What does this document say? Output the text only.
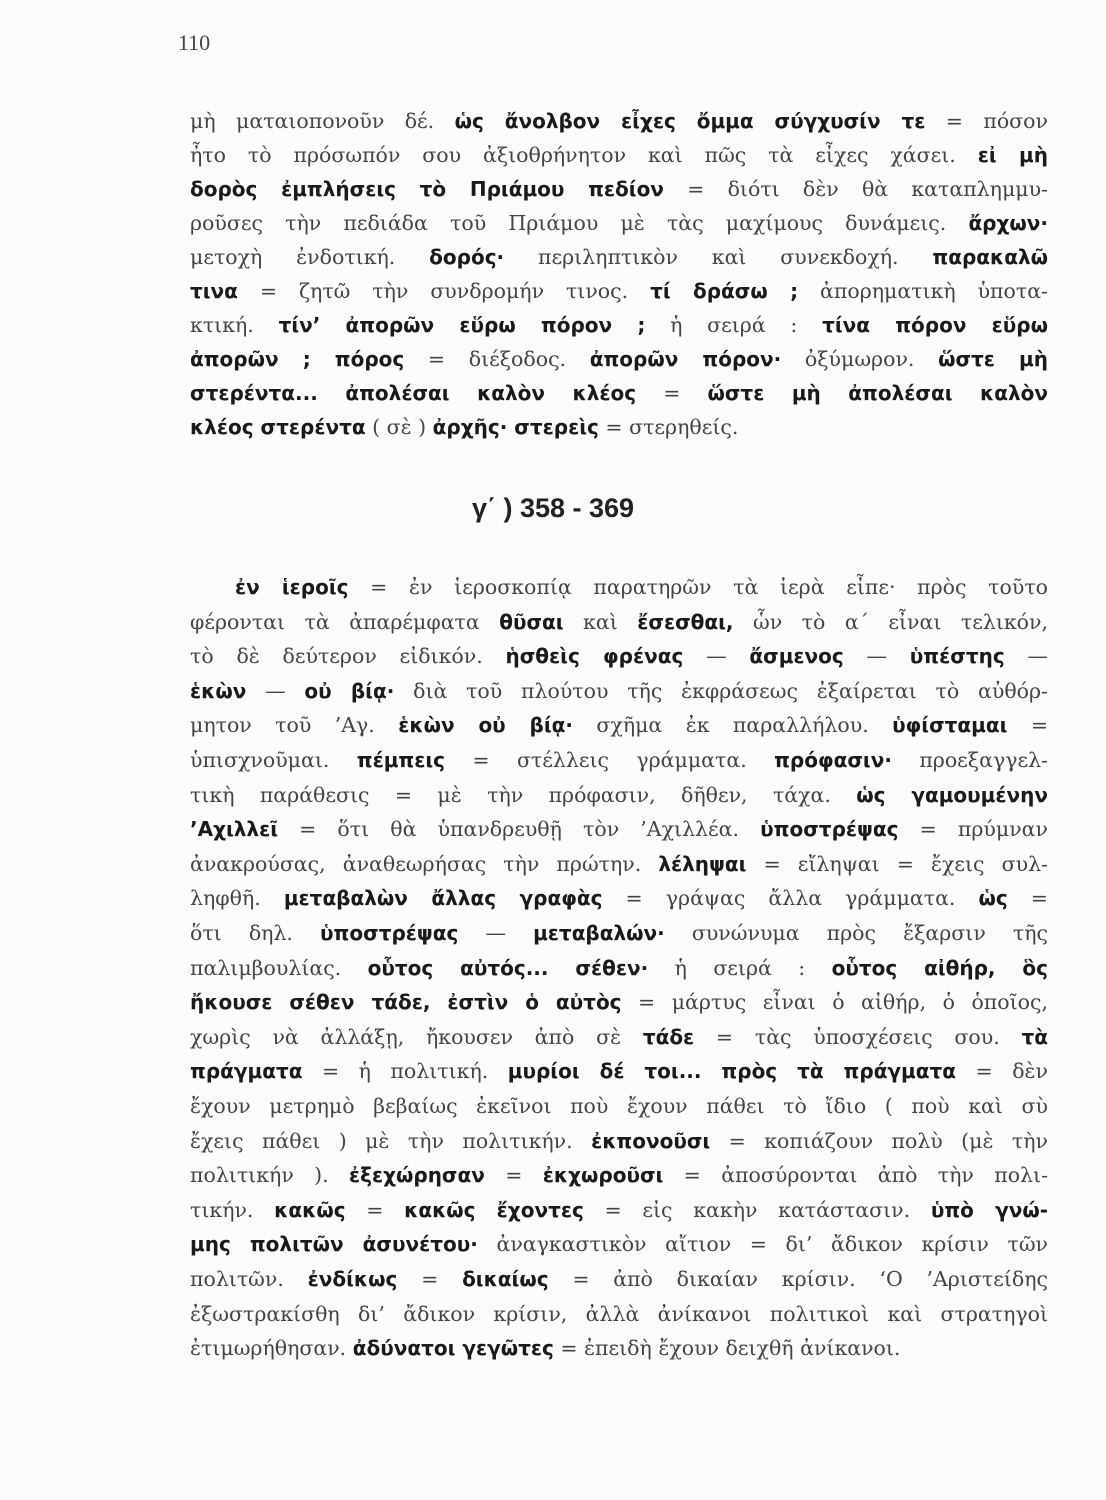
110
μὴ ματαιοπονοῦν δέ. ὡς ἄνολβον εἶχες ὄμμα σύγχυσίν τε = πόσον
ἦτο τὸ πρόσωπόν σου ἀξιοθρήνητον καὶ πῶς τὰ εἶχες χάσει. εἰ μὴ
δορὸς ἐμπλήσεις τὸ Πριάμου πεδίον = διότι δὲν θὰ καταπλημμυ-
ροῦσες τὴν πεδιάδα τοῦ Πριάμου μὲ τὰς μαχίμους δυνάμεις. ἄρχων·
μετοχὴ ἐνδοτική. δορός· περιληπτικὸν καὶ συνεκδοχή. παρακαλῶ
τινα = ζητῶ τὴν συνδρομήν τινος. τί δράσω ; ἀπορηματικὴ ὑποτα-
κτική. τίν’ ἀπορῶν εὕρω πόρον ; ἡ σειρά : τίνα πόρον εὕρω
ἀπορῶν ; πόρος = διέξοδος. ἀπορῶν πόρον· ὀξύμωρον. ὥστε μὴ
στερέντα... ἀπολέσαι καλὸν κλέος = ὥστε μὴ ἀπολέσαι καλὸν
κλέος στερέντα ( σὲ ) ἀρχῆς· στερεὶς = στερηθείς.
γ΄ ) 358 - 369
ἐν ἱεροῖς = ἐν ἱεροσκοπίᾳ παρατηρῶν τὰ ἱερὰ εἶπε· πρὸς τοῦτο
φέρονται τὰ ἀπαρέμφατα θῦσαι καὶ ἔσεσθαι, ὧν τὸ α΄ εἶναι τελικόν,
τὸ δὲ δεύτερον εἰδικόν. ἡσθεὶς φρένας — ἄσμενος — ὑπέστης —
ἑκὼν — οὐ βίᾳ· διὰ τοῦ πλούτου τῆς ἐκφράσεως ἐξαίρεται τὸ αὐθόρ-
μητον τοῦ ’Αγ. ἑκὼν οὐ βίᾳ· σχῆμα ἐκ παραλλήλου. ὑφίσταμαι =
ὑπισχνοῦμαι. πέμπεις = στέλλεις γράμματα. πρόφασιν· προεξαγγελ-
τικὴ παράθεσις = μὲ τὴν πρόφασιν, δῆθεν, τάχα. ὡς γαμουμένην
’Αχιλλεῖ = ὅτι θὰ ὑπανδρευθῇ τὸν ’Αχιλλέα. ὑποστρέψας = πρύμναν
ἀνακρούσας, ἀναθεωρήσας τὴν πρώτην. λέληψαι = εἴληψαι = ἔχεις συλ-
ληφθῆ. μεταβαλὼν ἄλλας γραφὰς = γράψας ἄλλα γράμματα. ὡς =
ὅτι δηλ. ὑποστρέψας — μεταβαλών· συνώνυμα πρὸς ἔξαρσιν τῆς
παλιμβουλίας. οὗτος αὐτός... σέθεν· ἡ σειρά : οὗτος αἰθήρ, ὃς
ἤκουσε σέθεν τάδε, ἐστὶν ὁ αὐτὸς = μάρτυς εἶναι ὁ αἰθήρ, ὁ ὁποῖος,
χωρὶς νὰ ἀλλάξῃ, ἤκουσεν ἀπὸ σὲ τάδε = τὰς ὑποσχέσεις σου. τὰ
πράγματα = ἡ πολιτική. μυρίοι δέ τοι... πρὸς τὰ πράγματα = δὲν
ἔχουν μετρημὸ βεβαίως ἐκεῖνοι ποὺ ἔχουν πάθει τὸ ἴδιο ( ποὺ καὶ σὺ
ἔχεις πάθει ) μὲ τὴν πολιτικήν. ἐκπονοῦσι = κοπιάζουν πολὺ (μὲ τὴν
πολιτικήν ). ἐξεχώρησαν = ἐκχωροῦσι = ἀποσύρονται ἀπὸ τὴν πολι-
τικήν. κακῶς = κακῶς ἔχοντες = εἰς κακὴν κατάστασιν. ὑπὸ γνώ-
μης πολιτῶν ἀσυνέτου· ἀναγκαστικὸν αἴτιον = δι’ ἄδικον κρίσιν τῶν
πολιτῶν. ἐνδίκως = δικαίως = ἀπὸ δικαίαν κρίσιν. ‘Ο ’Αριστείδης
ἐξωστρακίσθη δι’ ἄδικον κρίσιν, ἀλλὰ ἀνίκανοι πολιτικοὶ καὶ στρατηγοὶ
ἐτιμωρήθησαν. ἀδύνατοι γεγῶτες = ἐπειδὴ ἔχουν δειχθῆ ἀνίκανοι.
